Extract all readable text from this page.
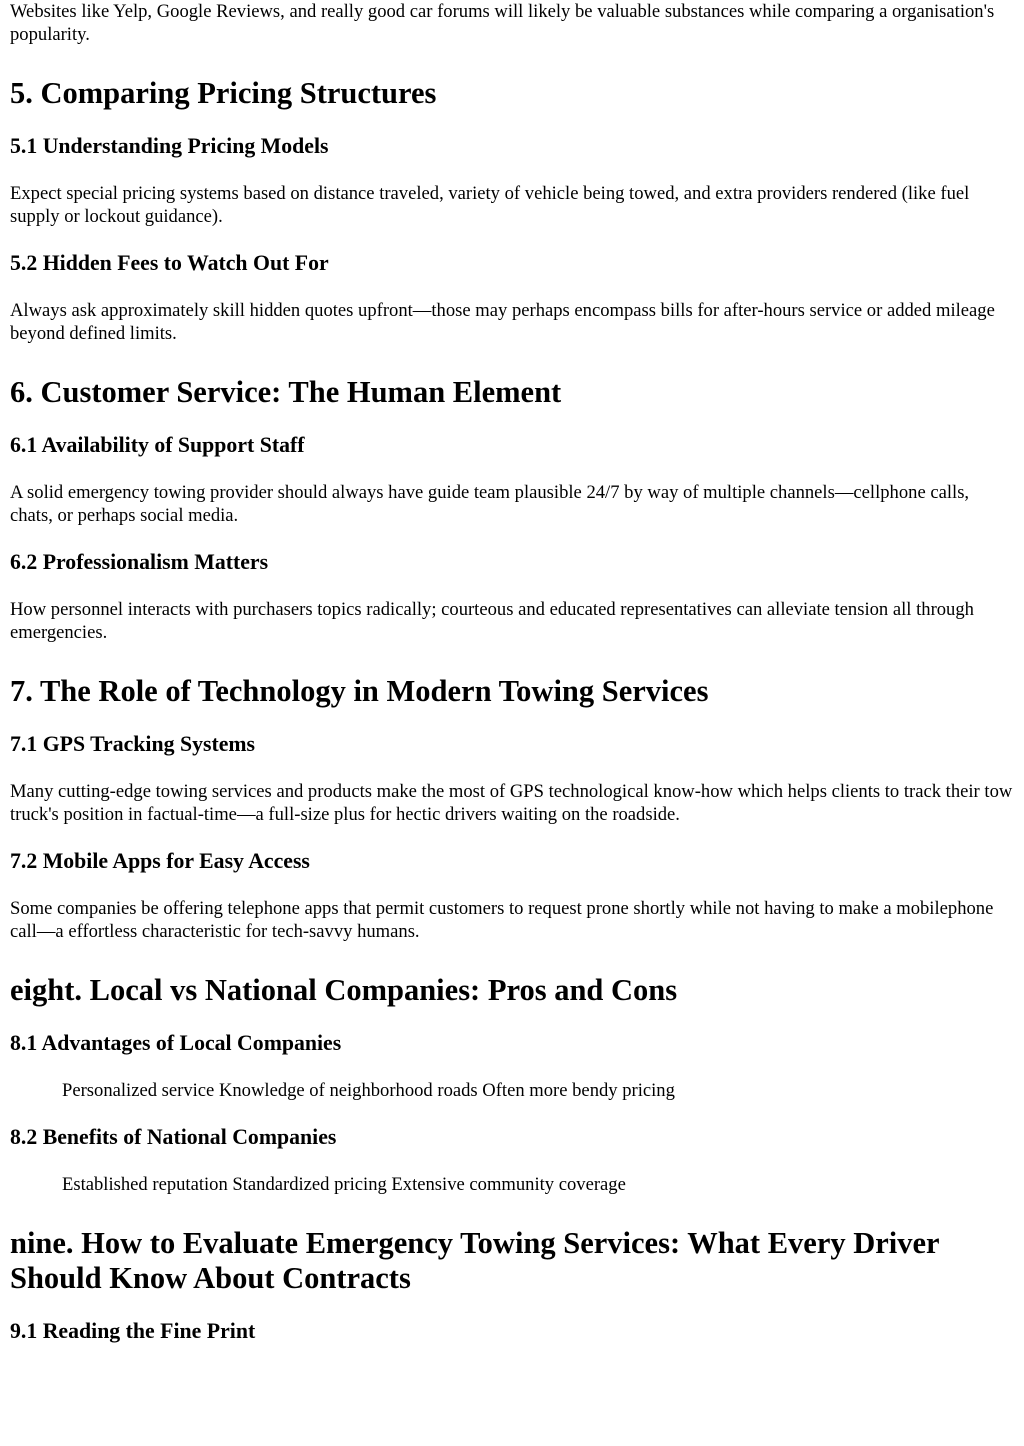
Websites like Yelp, Google Reviews, and really good car forums will likely be valuable substances while comparing a organisation's popularity.

5. Comparing Pricing Structures
5.1 Understanding Pricing Models

Expect special pricing systems based on distance traveled, variety of vehicle being towed, and extra providers rendered (like fuel supply or lockout guidance).

5.2 Hidden Fees to Watch Out For

Always ask approximately skill hidden quotes upfront—those may perhaps encompass bills for after-hours service or added mileage beyond defined limits.

6. Customer Service: The Human Element
6.1 Availability of Support Staff

A solid emergency towing provider should always have guide team plausible 24/7 by way of multiple channels—cellphone calls, chats, or perhaps social media.

6.2 Professionalism Matters

How personnel interacts with purchasers topics radically; courteous and educated representatives can alleviate tension all through emergencies.

7. The Role of Technology in Modern Towing Services
7.1 GPS Tracking Systems

Many cutting-edge towing services and products make the most of GPS technological know-how which helps clients to track their tow truck's position in factual-time—a full-size plus for hectic drivers waiting on the roadside.

7.2 Mobile Apps for Easy Access

Some companies be offering telephone apps that permit customers to request prone shortly while not having to make a mobilephone call—a effortless characteristic for tech-savvy humans.

eight. Local vs National Companies: Pros and Cons
8.1 Advantages of Local Companies
Personalized service Knowledge of neighborhood roads Often more bendy pricing
8.2 Benefits of National Companies
Established reputation Standardized pricing Extensive community coverage
nine. How to Evaluate Emergency Towing Services: What Every Driver Should Know About Contracts
9.1 Reading the Fine Print
